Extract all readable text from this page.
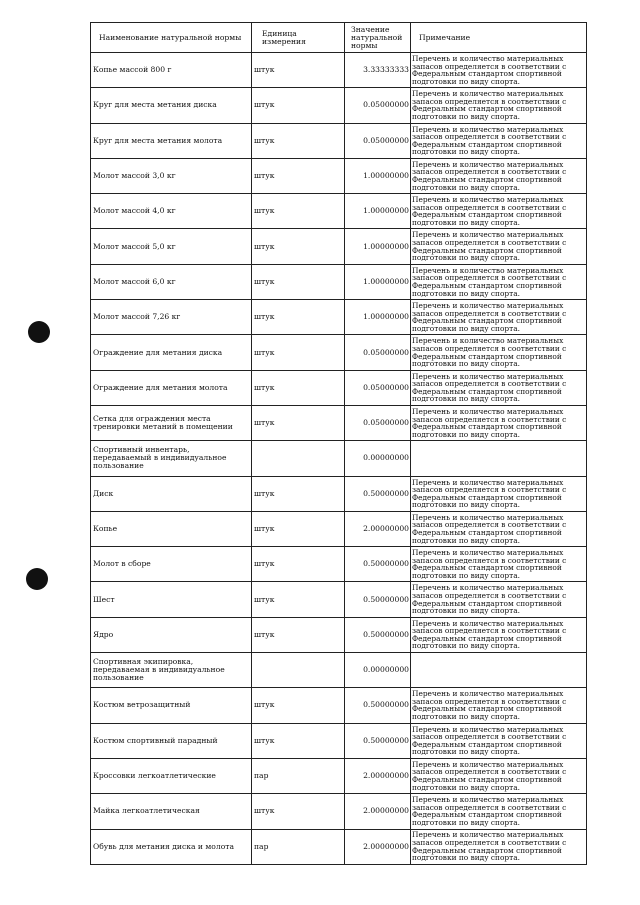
Наименование натуральной нормы	Единица измерения	Значение натуральной нормы	Примечание
Копье массой 800 г	штук	3.33333333	Перечень и количество материальных запасов определяется в соответствии с Федеральным стандартом спортивной подготовки по виду спорта.
Круг для места метания диска	штук	0.05000000	Перечень и количество материальных запасов определяется в соответствии с Федеральным стандартом спортивной подготовки по виду спорта.
Круг для места метания молота	штук	0.05000000	Перечень и количество материальных запасов определяется в соответствии с Федеральным стандартом спортивной подготовки по виду спорта.
Молот массой 3,0 кг	штук	1.00000000	Перечень и количество материальных запасов определяется в соответствии с Федеральным стандартом спортивной подготовки по виду спорта.
Молот массой 4,0 кг	штук	1.00000000	Перечень и количество материальных запасов определяется в соответствии с Федеральным стандартом спортивной подготовки по виду спорта.
Молот массой 5,0 кг	штук	1.00000000	Перечень и количество материальных запасов определяется в соответствии с Федеральным стандартом спортивной подготовки по виду спорта.
Молот массой 6,0 кг	штук	1.00000000	Перечень и количество материальных запасов определяется в соответствии с Федеральным стандартом спортивной подготовки по виду спорта.
Молот массой 7,26 кг	штук	1.00000000	Перечень и количество материальных запасов определяется в соответствии с Федеральным стандартом спортивной подготовки по виду спорта.
Ограждение для метания диска	штук	0.05000000	Перечень и количество материальных запасов определяется в соответствии с Федеральным стандартом спортивной подготовки по виду спорта.
Ограждение для метания молота	штук	0.05000000	Перечень и количество материальных запасов определяется в соответствии с Федеральным стандартом спортивной подготовки по виду спорта.
Сетка для ограждения места тренировки метаний в помещении	штук	0.05000000	Перечень и количество материальных запасов определяется в соответствии с Федеральным стандартом спортивной подготовки по виду спорта.
Спортивный инвентарь, передаваемый в индивидуальное пользование		0.00000000	
Диск	штук	0.50000000	Перечень и количество материальных запасов определяется в соответствии с Федеральным стандартом спортивной подготовки по виду спорта.
Копье	штук	2.00000000	Перечень и количество материальных запасов определяется в соответствии с Федеральным стандартом спортивной подготовки по виду спорта.
Молот в сборе	штук	0.50000000	Перечень и количество материальных запасов определяется в соответствии с Федеральным стандартом спортивной подготовки по виду спорта.
Шест	штук	0.50000000	Перечень и количество материальных запасов определяется в соответствии с Федеральным стандартом спортивной подготовки по виду спорта.
Ядро	штук	0.50000000	Перечень и количество материальных запасов определяется в соответствии с Федеральным стандартом спортивной подготовки по виду спорта.
Спортивная экипировка, передаваемая в индивидуальное пользование		0.00000000	
Костюм ветрозащитный	штук	0.50000000	Перечень и количество материальных запасов определяется в соответствии с Федеральным стандартом спортивной подготовки по виду спорта.
Костюм спортивный парадный	штук	0.50000000	Перечень и количество материальных запасов определяется в соответствии с Федеральным стандартом спортивной подготовки по виду спорта.
Кроссовки легкоатлетические	пар	2.00000000	Перечень и количество материальных запасов определяется в соответствии с Федеральным стандартом спортивной подготовки по виду спорта.
Майка легкоатлетическая	штук	2.00000000	Перечень и количество материальных запасов определяется в соответствии с Федеральным стандартом спортивной подготовки по виду спорта.
Обувь для метания диска и молота	пар	2.00000000	Перечень и количество материальных запасов определяется в соответствии с Федеральным стандартом спортивной подготовки по виду спорта.
